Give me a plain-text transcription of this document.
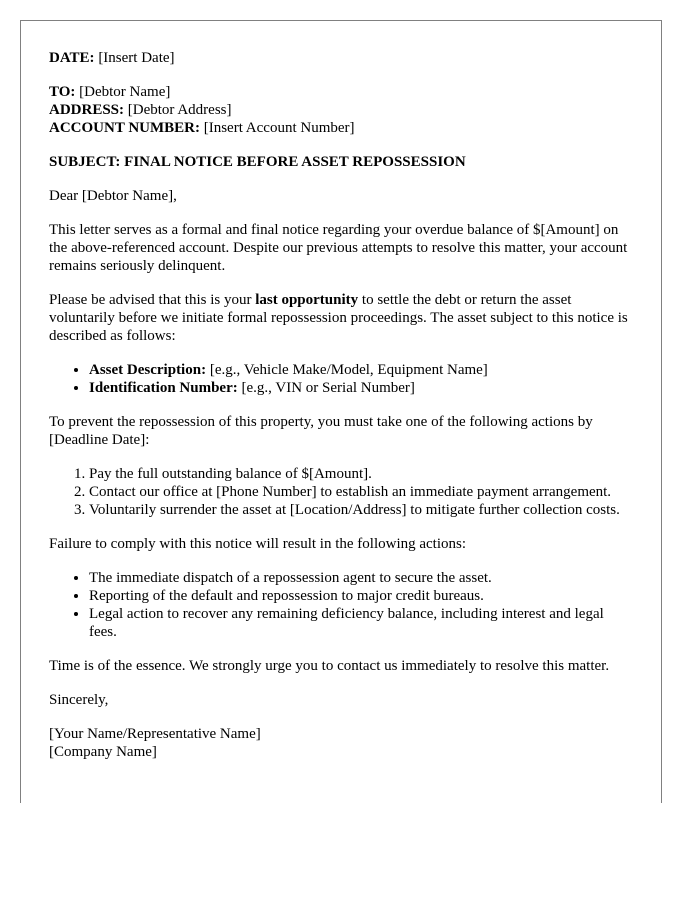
DATE: [Insert Date]

TO: [Debtor Name]
ADDRESS: [Debtor Address]
ACCOUNT NUMBER: [Insert Account Number]

SUBJECT: FINAL NOTICE BEFORE ASSET REPOSSESSION

Dear [Debtor Name],

This letter serves as a formal and final notice regarding your overdue balance of $[Amount] on the above-referenced account. Despite our previous attempts to resolve this matter, your account remains seriously delinquent.

Please be advised that this is your last opportunity to settle the debt or return the asset voluntarily before we initiate formal repossession proceedings. The asset subject to this notice is described as follows:

• Asset Description: [e.g., Vehicle Make/Model, Equipment Name]
• Identification Number: [e.g., VIN or Serial Number]

To prevent the repossession of this property, you must take one of the following actions by [Deadline Date]:

1. Pay the full outstanding balance of $[Amount].
2. Contact our office at [Phone Number] to establish an immediate payment arrangement.
3. Voluntarily surrender the asset at [Location/Address] to mitigate further collection costs.

Failure to comply with this notice will result in the following actions:

• The immediate dispatch of a repossession agent to secure the asset.
• Reporting of the default and repossession to major credit bureaus.
• Legal action to recover any remaining deficiency balance, including interest and legal fees.

Time is of the essence. We strongly urge you to contact us immediately to resolve this matter.

Sincerely,

[Your Name/Representative Name]
[Company Name]
